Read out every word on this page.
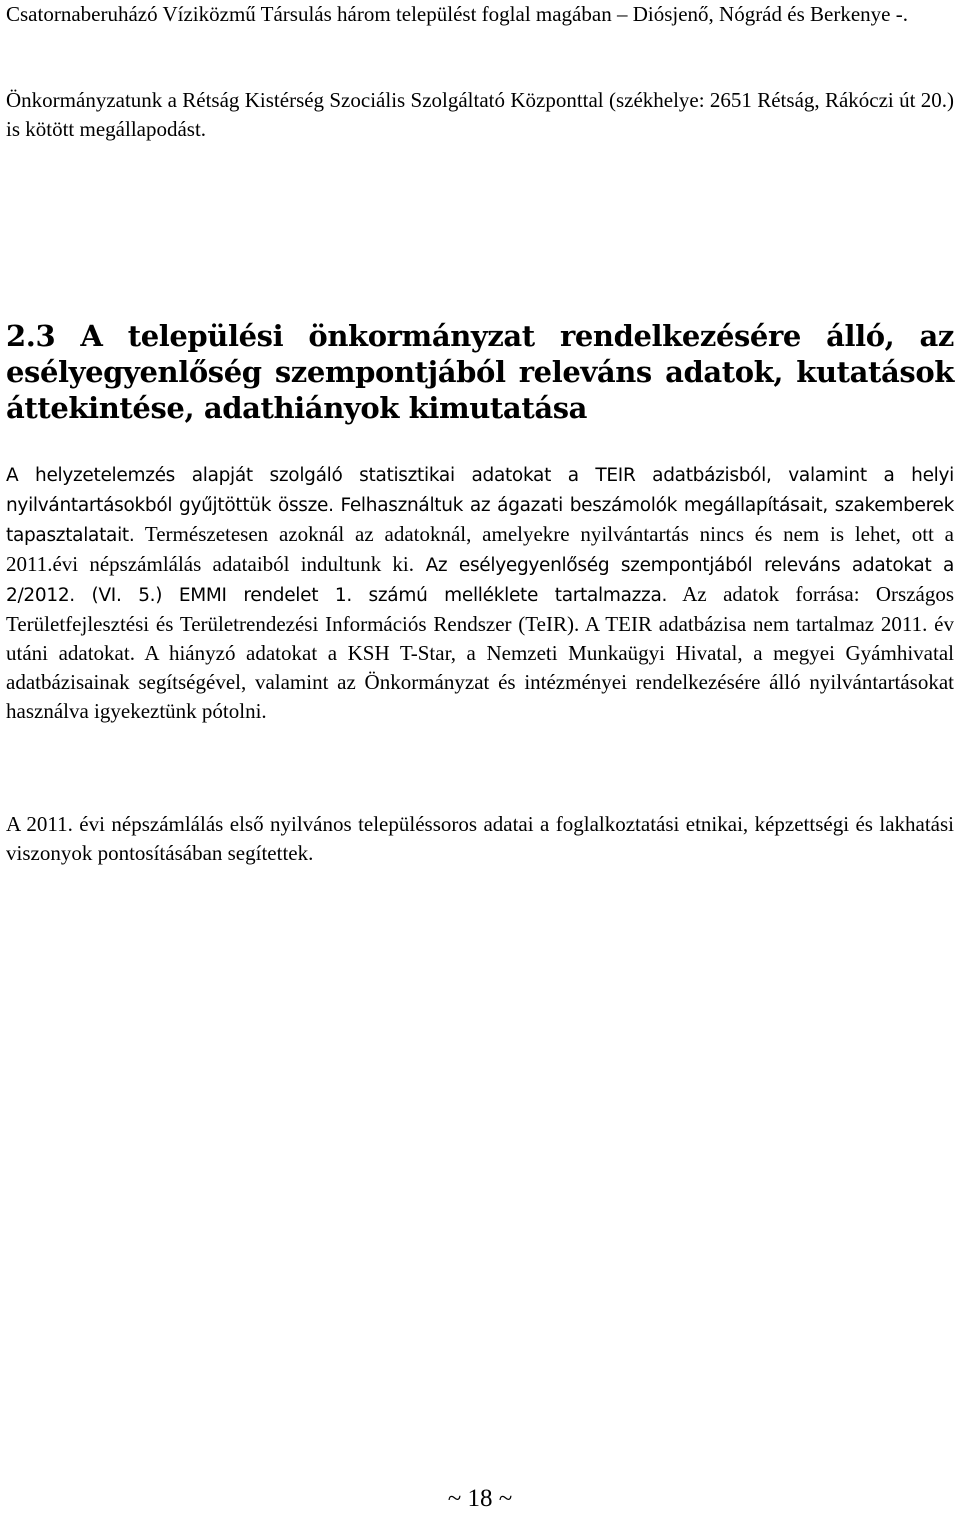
Csatornaberuházó Víziközmű Társulás három települést foglal magában – Diósjenő, Nógrád és Berkenye -.

Önkormányzatunk a Rétság Kistérség Szociális Szolgáltató Központtal (székhelye: 2651 Rétság, Rákóczi út 20.) is kötött megállapodást.

2.3 A települési önkormányzat rendelkezésére álló, az esélyegyenlőség szempontjából releváns adatok, kutatások áttekintése, adathiányok kimutatása

A helyzetelemzés alapját szolgáló statisztikai adatokat a TEIR adatbázisból, valamint a helyi nyilvántartásokból gyűjtöttük össze. Felhasználtuk az ágazati beszámolók megállapításait, szakemberek tapasztalatait. Természetesen azoknál az adatoknál, amelyekre nyilvántartás nincs és nem is lehet, ott a 2011.évi népszámlálás adataiból indultunk ki. Az esélyegyenlőség szempontjából releváns adatokat a 2/2012. (VI. 5.) EMMI rendelet 1. számú melléklete tartalmazza. Az adatok forrása: Országos Területfejlesztési és Területrendezési Információs Rendszer (TeIR). A TEIR adatbázisa nem tartalmaz 2011. év utáni adatokat. A hiányzó adatokat a KSH T-Star, a Nemzeti Munkaügyi Hivatal, a megyei Gyámhivatal adatbázisainak segítségével, valamint az Önkormányzat és intézményei rendelkezésére álló nyilvántartásokat használva igyekeztünk pótolni.

A 2011. évi népszámlálás első nyilvános településsoros adatai a foglalkoztatási etnikai, képzettségi és lakhatási viszonyok pontosításában segítettek.

~ 18 ~
